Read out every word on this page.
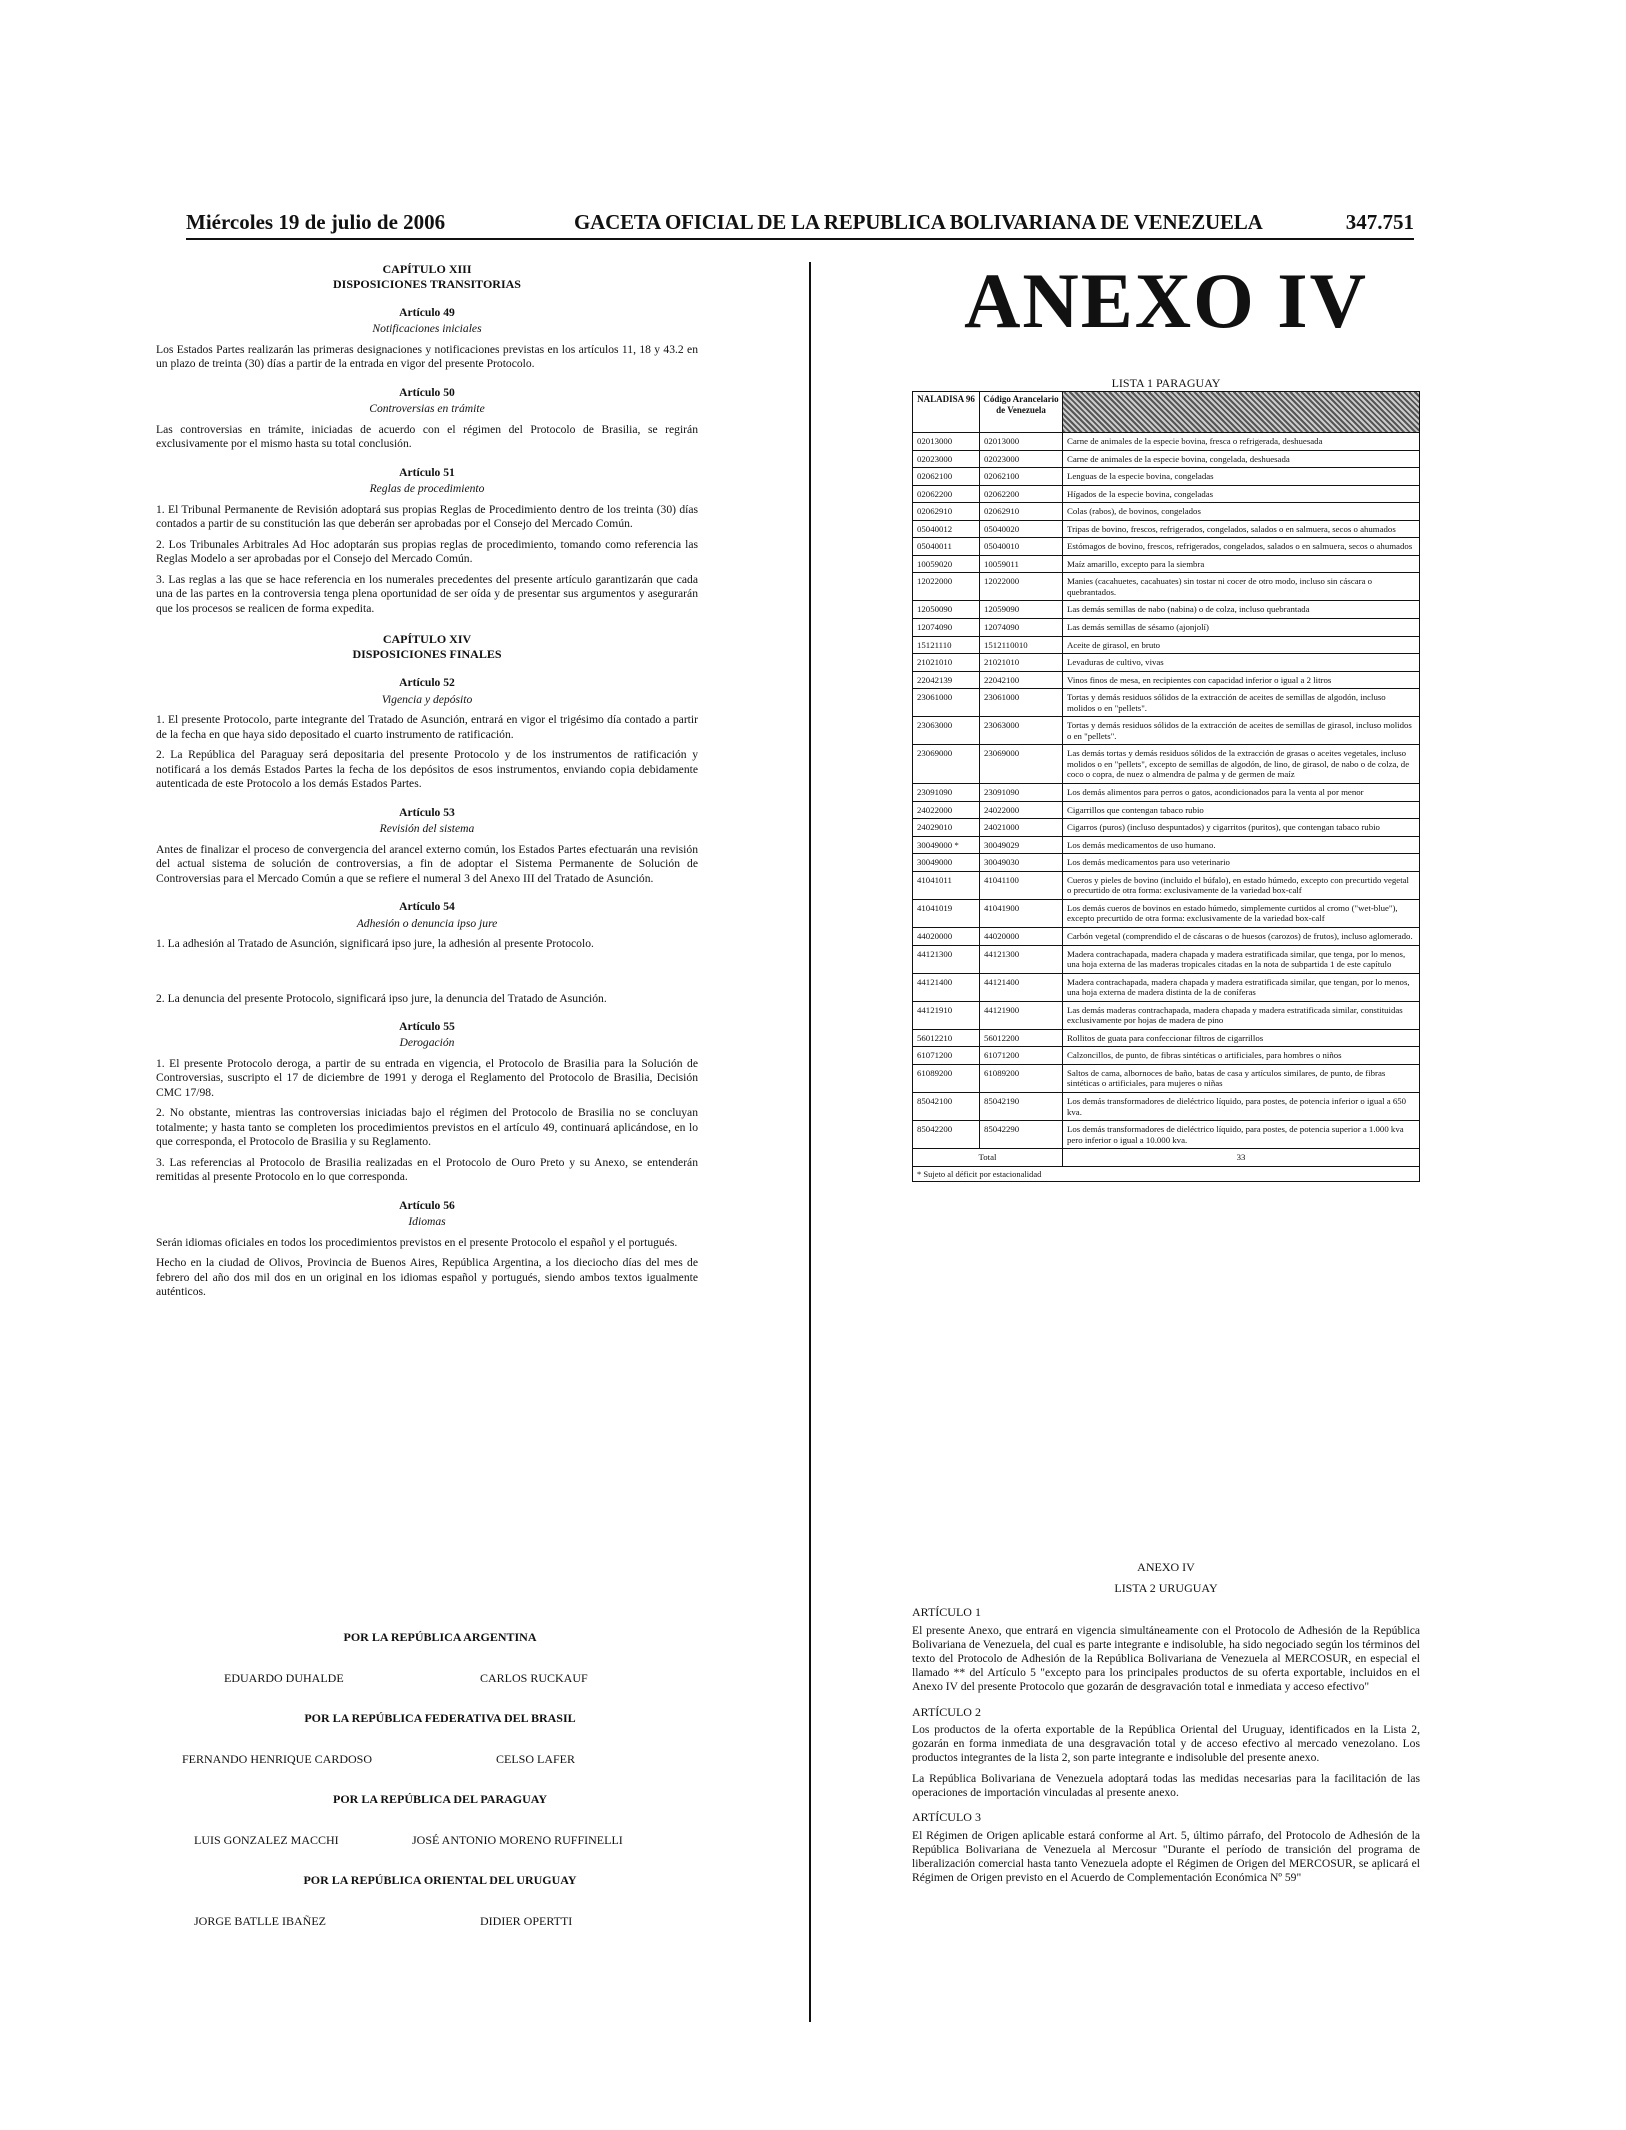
Miércoles 19 de julio de 2006	GACETA OFICIAL DE LA REPUBLICA BOLIVARIANA DE VENEZUELA	347.751

CAPÍTULO XIII

DISPOSICIONES TRANSITORIAS

Artículo 49

Notificaciones iniciales

Los Estados Partes realizarán las primeras designaciones y notificaciones previstas en los artículos 11, 18 y 43.2 en un plazo de treinta (30) días a partir de la entrada en vigor del presente Protocolo.

Artículo 50

Controversias en trámite

Las controversias en trámite, iniciadas de acuerdo con el régimen del Protocolo de Brasilia, se regirán exclusivamente por el mismo hasta su total conclusión.

Artículo 51

Reglas de procedimiento

1. El Tribunal Permanente de Revisión adoptará sus propias Reglas de Procedimiento dentro de los treinta (30) días contados a partir de su constitución las que deberán ser aprobadas por el Consejo del Mercado Común.

2. Los Tribunales Arbitrales Ad Hoc adoptarán sus propias reglas de procedimiento, tomando como referencia las Reglas Modelo a ser aprobadas por el Consejo del Mercado Común.

3. Las reglas a las que se hace referencia en los numerales precedentes del presente artículo garantizarán que cada una de las partes en la controversia tenga plena oportunidad de ser oída y de presentar sus argumentos y asegurarán que los procesos se realicen de forma expedita.

CAPÍTULO XIV

DISPOSICIONES FINALES

Artículo 52

Vigencia y depósito

1. El presente Protocolo, parte integrante del Tratado de Asunción, entrará en vigor el trigésimo día contado a partir de la fecha en que haya sido depositado el cuarto instrumento de ratificación.

2. La República del Paraguay será depositaria del presente Protocolo y de los instrumentos de ratificación y notificará a los demás Estados Partes la fecha de los depósitos de esos instrumentos, enviando copia debidamente autenticada de este Protocolo a los demás Estados Partes.

Artículo 53

Revisión del sistema

Antes de finalizar el proceso de convergencia del arancel externo común, los Estados Partes efectuarán una revisión del actual sistema de solución de controversias, a fin de adoptar el Sistema Permanente de Solución de Controversias para el Mercado Común a que se refiere el numeral 3 del Anexo III del Tratado de Asunción.

Artículo 54

Adhesión o denuncia ipso jure

1. La adhesión al Tratado de Asunción, significará ipso jure, la adhesión al presente Protocolo.

2. La denuncia del presente Protocolo, significará ipso jure, la denuncia del Tratado de Asunción.

Artículo 55

Derogación

1. El presente Protocolo deroga, a partir de su entrada en vigencia, el Protocolo de Brasilia para la Solución de Controversias, suscripto el 17 de diciembre de 1991 y deroga el Reglamento del Protocolo de Brasilia, Decisión CMC 17/98.

2. No obstante, mientras las controversias iniciadas bajo el régimen del Protocolo de Brasilia no se concluyan totalmente; y hasta tanto se completen los procedimientos previstos en el artículo 49, continuará aplicándose, en lo que corresponda, el Protocolo de Brasilia y su Reglamento.

3. Las referencias al Protocolo de Brasilia realizadas en el Protocolo de Ouro Preto y su Anexo, se entenderán remitidas al presente Protocolo en lo que corresponda.

Artículo 56

Idiomas

Serán idiomas oficiales en todos los procedimientos previstos en el presente Protocolo el español y el portugués.

Hecho en la ciudad de Olivos, Provincia de Buenos Aires, República Argentina, a los dieciocho días del mes de febrero del año dos mil dos en un original en los idiomas español y portugués, siendo ambos textos igualmente auténticos.

POR LA REPÚBLICA ARGENTINA
EDUARDO DUHALDE	CARLOS RUCKAUF
POR LA REPÚBLICA FEDERATIVA DEL BRASIL
FERNANDO HENRIQUE CARDOSO	CELSO LAFER
POR LA REPÚBLICA DEL PARAGUAY
LUIS GONZALEZ MACCHI	JOSÉ ANTONIO MORENO RUFFINELLI
POR LA REPÚBLICA ORIENTAL DEL URUGUAY
JORGE BATLLE IBAÑEZ	DIDIER OPERTTI

ANEXO IV

LISTA 1 PARAGUAY

NALADISA 96	Código Arancelario de Venezuela	
02013000	02013000	Carne de animales de la especie bovina, fresca o refrigerada, deshuesada
02023000	02023000	Carne de animales de la especie bovina, congelada, deshuesada
02062100	02062100	Lenguas de la especie bovina, congeladas
02062200	02062200	Hígados de la especie bovina, congeladas
02062910	02062910	Colas (rabos), de bovinos, congelados
05040012	05040020	Tripas de bovino, frescos, refrigerados, congelados, salados o en salmuera, secos o ahumados
05040011	05040010	Estómagos de bovino, frescos, refrigerados, congelados, salados o en salmuera, secos o ahumados
10059020	10059011	Maíz amarillo, excepto para la siembra
12022000	12022000	Manies (cacahuetes, cacahuates) sin tostar ni cocer de otro modo, incluso sin cáscara o quebrantados.
12050090	12059090	Las demás semillas de nabo (nabina) o de colza, incluso quebrantada
12074090	12074090	Las demás semillas de sésamo (ajonjolí)
15121110	1512110010	Aceite de girasol, en bruto
21021010	21021010	Levaduras de cultivo, vivas
22042139	22042100	Vinos finos de mesa, en recipientes con capacidad inferior o igual a 2 litros
23061000	23061000	Tortas y demás residuos sólidos de la extracción de aceites de semillas de algodón, incluso molidos o en "pellets".
23063000	23063000	Tortas y demás residuos sólidos de la extracción de aceites de semillas de girasol, incluso molidos o en "pellets".
23069000	23069000	Las demás tortas y demás residuos sólidos de la extracción de grasas o aceites vegetales, incluso molidos o en "pellets", excepto de semillas de algodón, de lino, de girasol, de nabo o de colza, de coco o copra, de nuez o almendra de palma y de germen de maíz
23091090	23091090	Los demás alimentos para perros o gatos, acondicionados para la venta al por menor
24022000	24022000	Cigarrillos que contengan tabaco rubio
24029010	24021000	Cigarros (puros) (incluso despuntados) y cigarritos (puritos), que contengan tabaco rubio
30049000 *	30049029	Los demás medicamentos de uso humano.
30049000	30049030	Los demás medicamentos para uso veterinario
41041011	41041100	Cueros y pieles de bovino (incluido el búfalo), en estado húmedo, excepto con precurtido vegetal o precurtido de otra forma: exclusivamente de la variedad box-calf
41041019	41041900	Los demás cueros de bovinos en estado húmedo, simplemente curtidos al cromo ("wet-blue"), excepto precurtido de otra forma: exclusivamente de la variedad box-calf
44020000	44020000	Carbón vegetal (comprendido el de cáscaras o de huesos (carozos) de frutos), incluso aglomerado.
44121300	44121300	Madera contrachapada, madera chapada y madera estratificada similar, que tenga, por lo menos, una hoja externa de las maderas tropicales citadas en la nota de subpartida 1 de este capítulo
44121400	44121400	Madera contrachapada, madera chapada y madera estratificada similar, que tengan, por lo menos, una hoja externa de madera distinta de la de coníferas
44121910	44121900	Las demás maderas contrachapada, madera chapada y madera estratificada similar, constituidas exclusivamente por hojas de madera de pino
56012210	56012200	Rollitos de guata para confeccionar filtros de cigarrillos
61071200	61071200	Calzoncillos, de punto, de fibras sintéticas o artificiales, para hombres o niños
61089200	61089200	Saltos de cama, albornoces de baño, batas de casa y artículos similares, de punto, de fibras sintéticas o artificiales, para mujeres o niñas
85042100	85042190	Los demás transformadores de dieléctrico líquido, para postes, de potencia inferior o igual a 650 kva.
85042200	85042290	Los demás transformadores de dieléctrico líquido, para postes, de potencia superior a 1.000 kva pero inferior o igual a 10.000 kva.
Total		33
* Sujeto al déficit por estacionalidad

ANEXO IV

LISTA 2 URUGUAY

ARTÍCULO 1

El presente Anexo, que entrará en vigencia simultáneamente con el Protocolo de Adhesión de la República Bolivariana de Venezuela, del cual es parte integrante e indisoluble, ha sido negociado según los términos del texto del Protocolo de Adhesión de la República Bolivariana de Venezuela al MERCOSUR, en especial el llamado ** del Artículo 5 "excepto para los principales productos de su oferta exportable, incluidos en el Anexo IV del presente Protocolo que gozarán de desgravación total e inmediata y acceso efectivo"

ARTÍCULO 2

Los productos de la oferta exportable de la República Oriental del Uruguay, identificados en la Lista 2, gozarán en forma inmediata de una desgravación total y de acceso efectivo al mercado venezolano. Los productos integrantes de la lista 2, son parte integrante e indisoluble del presente anexo.

La República Bolivariana de Venezuela adoptará todas las medidas necesarias para la facilitación de las operaciones de importación vinculadas al presente anexo.

ARTÍCULO 3

El Régimen de Origen aplicable estará conforme al Art. 5, último párrafo, del Protocolo de Adhesión de la República Bolivariana de Venezuela al Mercosur "Durante el período de transición del programa de liberalización comercial hasta tanto Venezuela adopte el Régimen de Origen del MERCOSUR, se aplicará el Régimen de Origen previsto en el Acuerdo de Complementación Económica Nº 59"
